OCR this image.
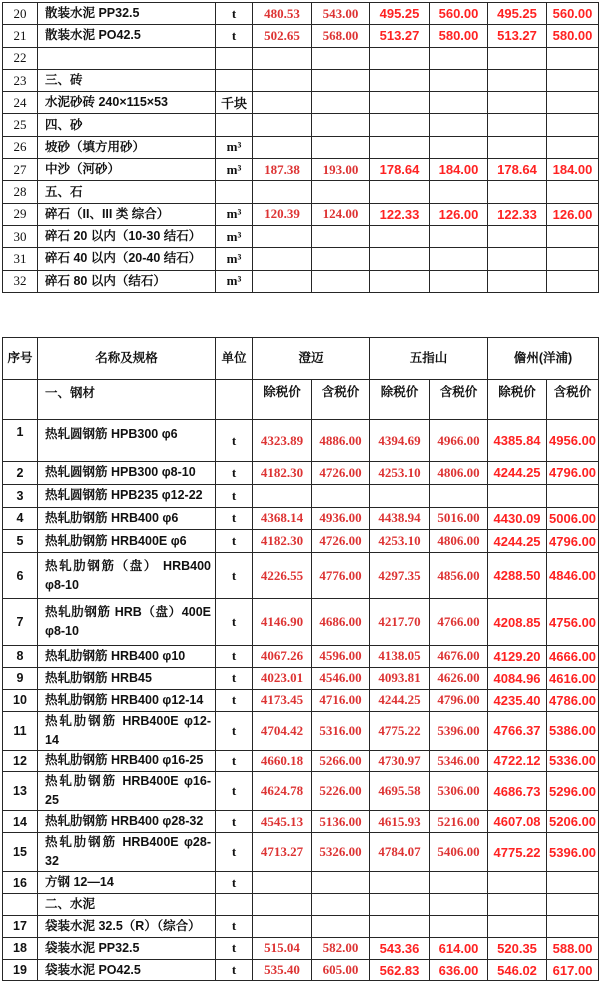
20	散装水泥 PP32.5	t	480.53	543.00	495.25	560.00	495.25	560.00
21	散装水泥 PO42.5	t	502.65	568.00	513.27	580.00	513.27	580.00
22								
23	三、砖							
24	水泥砂砖 240×115×53	千块						
25	四、砂							
26	坡砂（填方用砂）	m³						
27	中沙（河砂）	m³	187.38	193.00	178.64	184.00	178.64	184.00
28	五、石							
29	碎石（II、III 类 综合）	m³	120.39	124.00	122.33	126.00	122.33	126.00
30	碎石 20 以内（10-30 结石）	m³						
31	碎石 40 以内（20-40 结石）	m³						
32	碎石 80 以内（结石）	m³						
序号	名称及规格	单位	澄迈		五指山		儋州(洋浦)	
	一、钢材		除税价	含税价	除税价	含税价	除税价	含税价
1	热轧圆钢筋 HPB300 φ6	t	4323.89	4886.00	4394.69	4966.00	4385.84	4956.00
2	热轧圆钢筋 HPB300 φ8-10	t	4182.30	4726.00	4253.10	4806.00	4244.25	4796.00
3	热轧圆钢筋 HPB235 φ12-22	t						
4	热轧肋钢筋 HRB400 φ6	t	4368.14	4936.00	4438.94	5016.00	4430.09	5006.00
5	热轧肋钢筋 HRB400E φ6	t	4182.30	4726.00	4253.10	4806.00	4244.25	4796.00
6	热轧肋钢筋（盘） HRB400 φ8-10	t	4226.55	4776.00	4297.35	4856.00	4288.50	4846.00
7	热轧肋钢筋 HRB（盘）400E φ8-10	t	4146.90	4686.00	4217.70	4766.00	4208.85	4756.00
8	热轧肋钢筋 HRB400 φ10	t	4067.26	4596.00	4138.05	4676.00	4129.20	4666.00
9	热轧肋钢筋 HRB45	t	4023.01	4546.00	4093.81	4626.00	4084.96	4616.00
10	热轧肋钢筋 HRB400 φ12-14	t	4173.45	4716.00	4244.25	4796.00	4235.40	4786.00
11	热轧肋钢筋 HRB400E φ12-14	t	4704.42	5316.00	4775.22	5396.00	4766.37	5386.00
12	热轧肋钢筋 HRB400 φ16-25	t	4660.18	5266.00	4730.97	5346.00	4722.12	5336.00
13	热轧肋钢筋 HRB400E φ16-25	t	4624.78	5226.00	4695.58	5306.00	4686.73	5296.00
14	热轧肋钢筋 HRB400 φ28-32	t	4545.13	5136.00	4615.93	5216.00	4607.08	5206.00
15	热轧肋钢筋 HRB400E φ28-32	t	4713.27	5326.00	4784.07	5406.00	4775.22	5396.00
16	方钢 12—14	t						
	二、水泥							
17	袋装水泥 32.5（R）（综合）	t						
18	袋装水泥 PP32.5	t	515.04	582.00	543.36	614.00	520.35	588.00
19	袋装水泥 PO42.5	t	535.40	605.00	562.83	636.00	546.02	617.00
